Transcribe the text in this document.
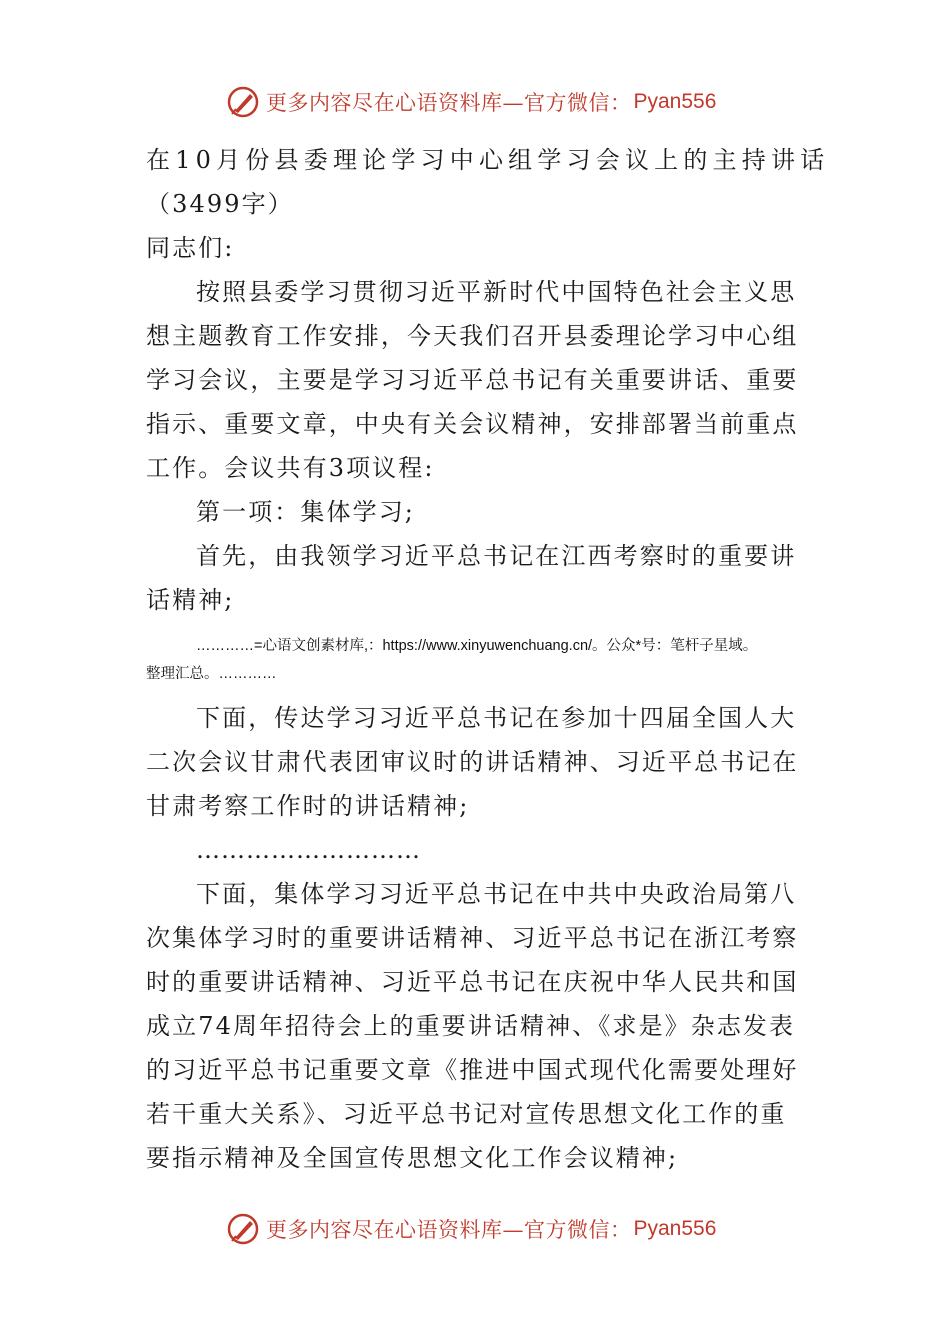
更多内容尽在心语资料库—官方微信： Pyan556
在10月份县委理论学习中心组学习会议上的主持讲话
（3499字）
同志们:
按照县委学习贯彻习近平新时代中国特色社会主义思
想主题教育工作安排，今天我们召开县委理论学习中心组
学习会议，主要是学习习近平总书记有关重要讲话、重要
指示、重要文章，中央有关会议精神，安排部署当前重点
工作。会议共有3项议程:
第一项：集体学习;
首先，由我领学习近平总书记在江西考察时的重要讲
话精神;
…………=心语文创素材库,：https://www.xinyuwenchuang.cn/。公众*号：笔杆子星域。
整理汇总。…………
下面，传达学习习近平总书记在参加十四届全国人大
二次会议甘肃代表团审议时的讲话精神、习近平总书记在
甘肃考察工作时的讲话精神;
………………………
下面，集体学习习近平总书记在中共中央政治局第八
次集体学习时的重要讲话精神、习近平总书记在浙江考察
时的重要讲话精神、习近平总书记在庆祝中华人民共和国
成立74周年招待会上的重要讲话精神、《求是》杂志发表
的习近平总书记重要文章《推进中国式现代化需要处理好
若干重大关系》、习近平总书记对宣传思想文化工作的重
要指示精神及全国宣传思想文化工作会议精神;
更多内容尽在心语资料库—官方微信： Pyan556
